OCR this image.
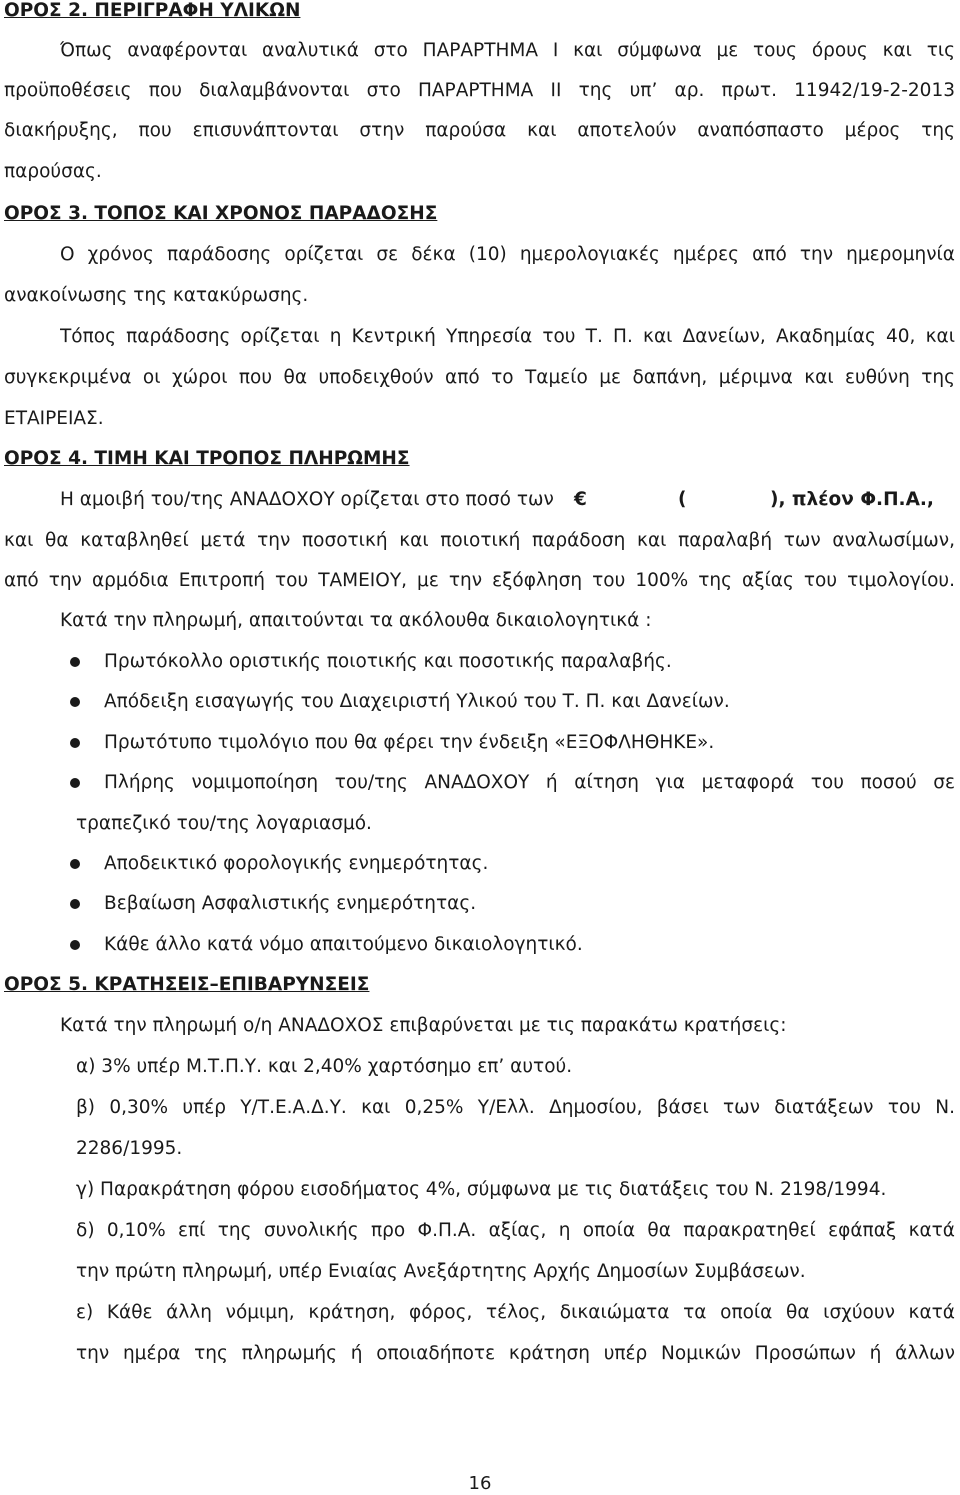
ΟΡΟΣ 2. ΠΕΡΙΓΡΑΦΗ ΥΛΙΚΩΝ
Όπως αναφέρονται αναλυτικά στο ΠΑΡΑΡΤΗΜΑ Ι και σύμφωνα με τους όρους και τις
προϋποθέσεις που διαλαμβάνονται στο ΠΑΡΑΡΤΗΜΑ ΙΙ της υπ’ αρ. πρωτ. 11942/19-2-2013
διακήρυξης, που επισυνάπτονται στην παρούσα και αποτελούν αναπόσπαστο μέρος της
παρούσας.
ΟΡΟΣ 3. ΤΟΠΟΣ ΚΑΙ ΧΡΟΝΟΣ ΠΑΡΑΔΟΣΗΣ
Ο χρόνος παράδοσης ορίζεται σε δέκα (10) ημερολογιακές ημέρες από την ημερομηνία
ανακοίνωσης της κατακύρωσης.
Τόπος παράδοσης ορίζεται η Κεντρική Υπηρεσία του Τ. Π. και Δανείων, Ακαδημίας 40, και
συγκεκριμένα οι χώροι που θα υποδειχθούν από το Ταμείο με δαπάνη, μέριμνα και ευθύνη της
ΕΤΑΙΡΕΙΑΣ.
ΟΡΟΣ 4. ΤΙΜΗ ΚΑΙ ΤΡΟΠΟΣ ΠΛΗΡΩΜΗΣ
Η αμοιβή του/της ΑΝΑΔΟΧΟΥ ορίζεται στο ποσό των €	(	), πλέον Φ.Π.Α.,
και θα καταβληθεί μετά την ποσοτική και ποιοτική παράδοση και παραλαβή των αναλωσίμων,
από την αρμόδια Επιτροπή του ΤΑΜΕΙΟΥ, με την εξόφληση του 100% της αξίας του τιμολογίου.
Κατά την πληρωμή, απαιτούνται τα ακόλουθα δικαιολογητικά :
Πρωτόκολλο οριστικής ποιοτικής και ποσοτικής παραλαβής.
Απόδειξη εισαγωγής του Διαχειριστή Υλικού του Τ. Π. και Δανείων.
Πρωτότυπο τιμολόγιο που θα φέρει την ένδειξη «ΕΞΟΦΛΗΘΗΚΕ».
Πλήρης νομιμοποίηση του/της ΑΝΑΔΟΧΟΥ ή αίτηση για μεταφορά του ποσού σε
τραπεζικό του/της λογαριασμό.
Αποδεικτικό φορολογικής ενημερότητας.
Βεβαίωση Ασφαλιστικής ενημερότητας.
Κάθε άλλο κατά νόμο απαιτούμενο δικαιολογητικό.
ΟΡΟΣ 5. ΚΡΑΤΗΣΕΙΣ–ΕΠΙΒΑΡΥΝΣΕΙΣ
Κατά την πληρωμή ο/η ΑΝΑΔΟΧΟΣ επιβαρύνεται με τις παρακάτω κρατήσεις:
α) 3% υπέρ Μ.Τ.Π.Υ. και 2,40% χαρτόσημο επ’ αυτού.
β) 0,30% υπέρ Υ/Τ.Ε.Α.Δ.Υ. και 0,25% Υ/Ελλ. Δημοσίου, βάσει των διατάξεων του Ν.
2286/1995.
γ) Παρακράτηση φόρου εισοδήματος 4%, σύμφωνα με τις διατάξεις του Ν. 2198/1994.
δ) 0,10% επί της συνολικής προ Φ.Π.Α. αξίας, η οποία θα παρακρατηθεί εφάπαξ κατά
την πρώτη πληρωμή, υπέρ Ενιαίας Ανεξάρτητης Αρχής Δημοσίων Συμβάσεων.
ε) Κάθε άλλη νόμιμη, κράτηση, φόρος, τέλος, δικαιώματα τα οποία θα ισχύουν κατά
την ημέρα της πληρωμής ή οποιαδήποτε κράτηση υπέρ Νομικών Προσώπων ή άλλων
16
